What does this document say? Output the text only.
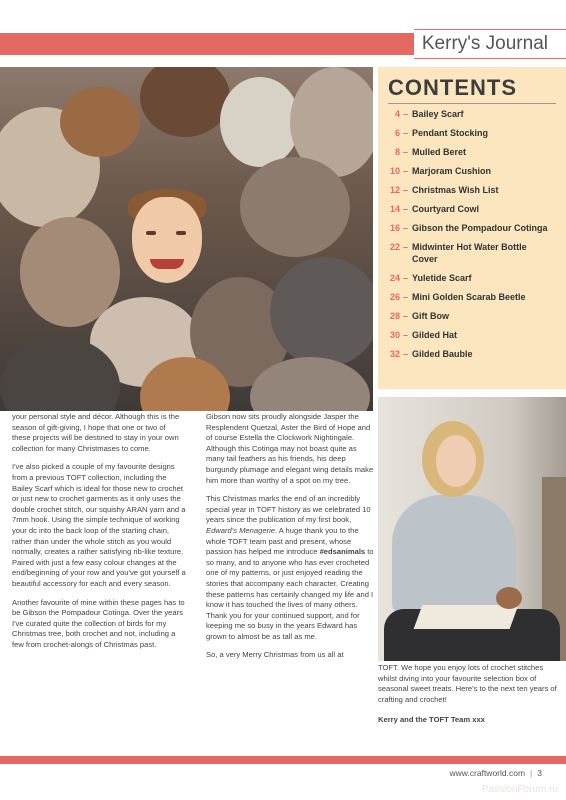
Kerry's Journal
CONTENTS
4 – Bailey Scarf
6 – Pendant Stocking
8 – Mulled Beret
10 – Marjoram Cushion
12 – Christmas Wish List
14 – Courtyard Cowl
16 – Gibson the Pompadour Cotinga
22 – Midwinter Hot Water Bottle Cover
24 – Yuletide Scarf
26 – Mini Golden Scarab Beetle
28 – Gift Bow
30 – Gilded Hat
32 – Gilded Bauble

your personal style and décor. Although this is the season of gift-giving, I hope that one or two of these projects will be destined to stay in your own collection for many Christmases to come.

I've also picked a couple of my favourite designs from a previous TOFT collection, including the Bailey Scarf which is ideal for those new to crochet or just new to crochet garments as it only uses the double crochet stitch, our squishy ARAN yarn and a 7mm hook. Using the simple technique of working your dc into the back loop of the starting chain, rather than under the whole stitch as you would normally, creates a rather satisfying rib-like texture. Paired with just a few easy colour changes at the end/beginning of your row and you've got yourself a beautiful accessory for each and every season.

Another favourite of mine within these pages has to be Gibson the Pompadour Cotinga. Over the years I've curated quite the collection of birds for my Christmas tree, both crochet and not, including a few from crochet-alongs of Christmas past.

Gibson now sits proudly alongside Jasper the Resplendent Quetzal, Aster the Bird of Hope and of course Estella the Clockwork Nightingale. Although this Cotinga may not boast quite as many tail feathers as his friends, his deep burgundy plumage and elegant wing details make him more than worthy of a spot on my tree.

This Christmas marks the end of an incredibly special year in TOFT history as we celebrated 10 years since the publication of my first book, Edward's Menagerie. A huge thank you to the whole TOFT team past and present, whose passion has helped me introduce #edsanimals to so many, and to anyone who has ever crocheted one of my patterns, or just enjoyed reading the stories that accompany each character. Creating these patterns has certainly changed my life and I know it has touched the lives of many others. Thank you for your continued support, and for keeping me so busy in the years Edward has grown to almost be as tall as me.

So, a very Merry Christmas from us all at

TOFT. We hope you enjoy lots of crochet stitches whilst diving into your favourite selection box of seasonal sweet treats. Here's to the next ten years of crafting and crochet!

Kerry and the TOFT Team xxx

www.craftworld.com | 3
PassionForum.ru
